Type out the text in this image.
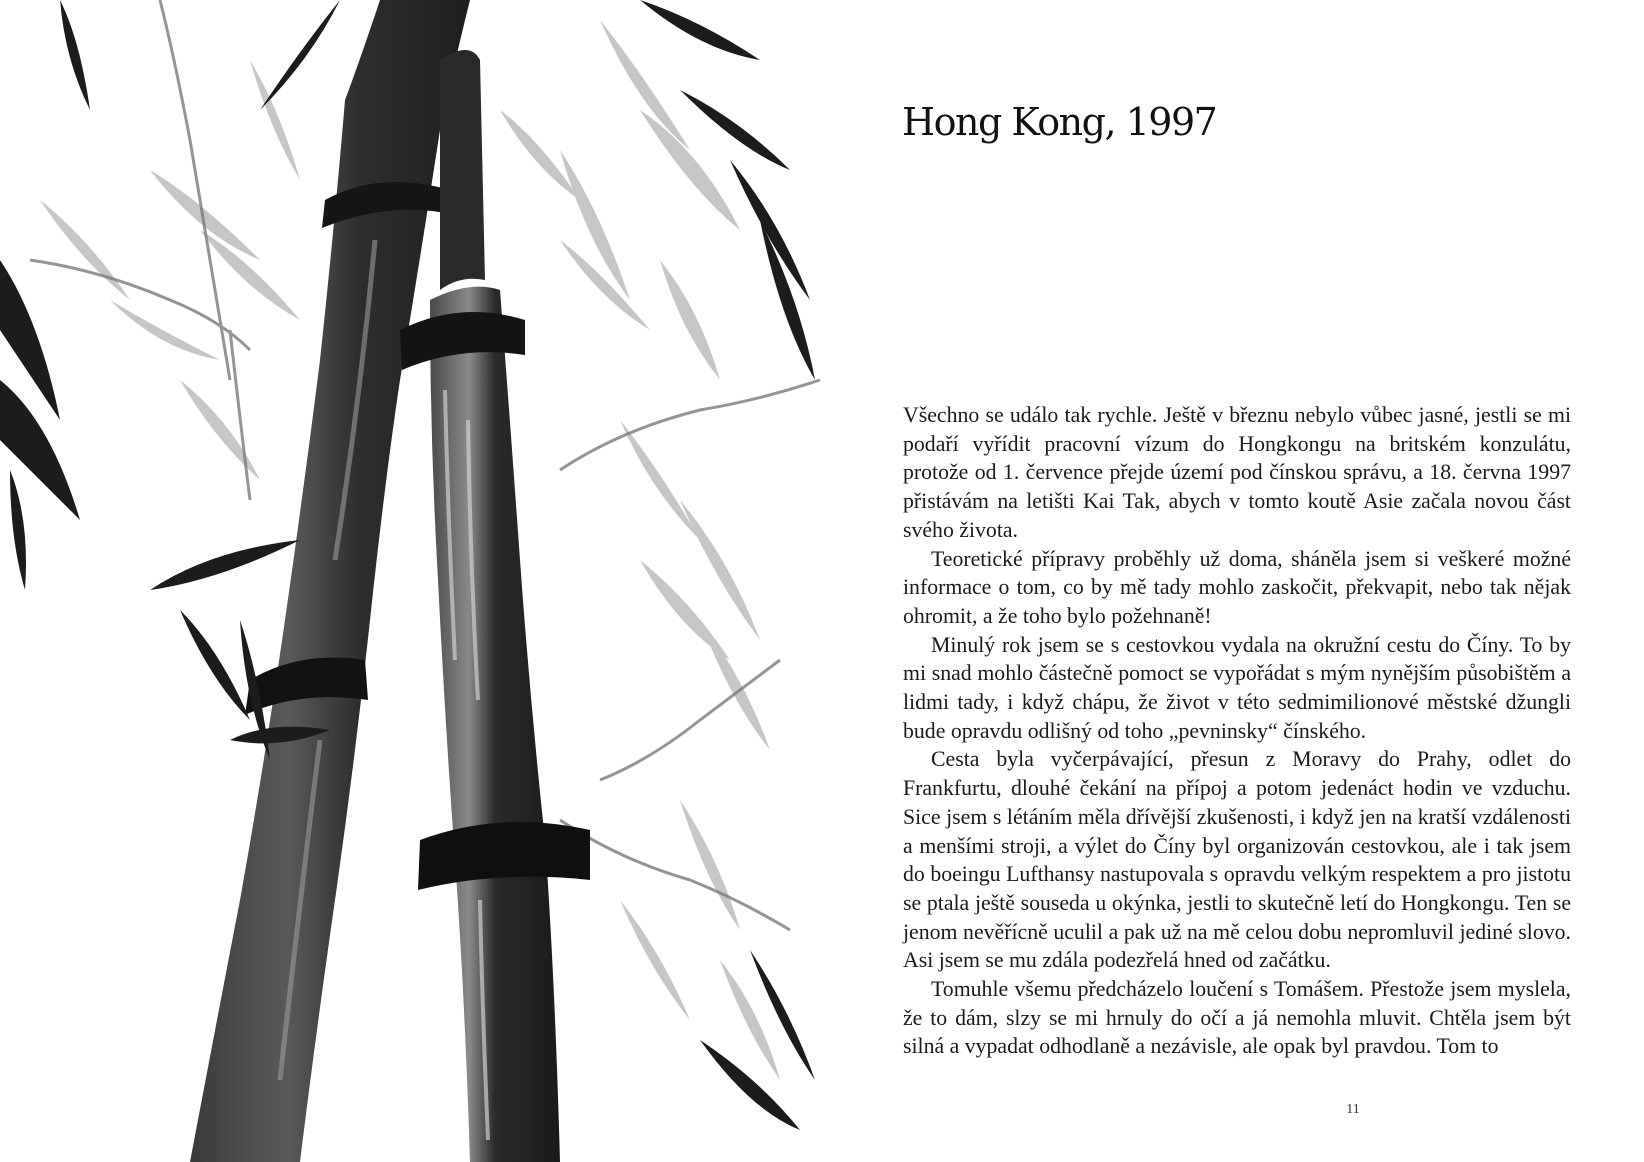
Hong Kong, 1997

Všechno se událo tak rychle. Ještě v březnu nebylo vůbec jasné, jestli se mi podaří vyřídit pracovní vízum do Hongkongu na britském konzulátu, protože od 1. července přejde území pod čínskou správu, a 18. června 1997 přistávám na letišti Kai Tak, abych v tomto koutě Asie začala novou část svého života.

Teoretické přípravy proběhly už doma, sháněla jsem si veškeré možné informace o tom, co by mě tady mohlo zaskočit, překvapit, nebo tak nějak ohromit, a že toho bylo požehnaně!

Minulý rok jsem se s cestovkou vydala na okružní cestu do Číny. To by mi snad mohlo částečně pomoct se vypořádat s mým nynějším působištěm a lidmi tady, i když chápu, že život v této sedmimilionové městské džungli bude opravdu odlišný od toho „pevninsky“ čínského.

Cesta byla vyčerpávající, přesun z Moravy do Prahy, odlet do Frankfurtu, dlouhé čekání na přípoj a potom jedenáct hodin ve vzduchu. Sice jsem s létáním měla dřívější zkušenosti, i když jen na kratší vzdálenosti a menšími stroji, a výlet do Číny byl organizován cestovkou, ale i tak jsem do boeingu Lufthansy nastupovala s opravdu velkým respektem a pro jistotu se ptala ještě souseda u okýnka, jestli to skutečně letí do Hongkongu. Ten se jenom nevěřícně uculil a pak už na mě celou dobu nepromluvil jediné slovo. Asi jsem se mu zdála podezřelá hned od začátku.

Tomuhle všemu předcházelo loučení s Tomášem. Přestože jsem myslela, že to dám, slzy se mi hrnuly do očí a já nemohla mluvit. Chtěla jsem být silná a vypadat odhodlaně a nezávisle, ale opak byl pravdou. Tom to

11
